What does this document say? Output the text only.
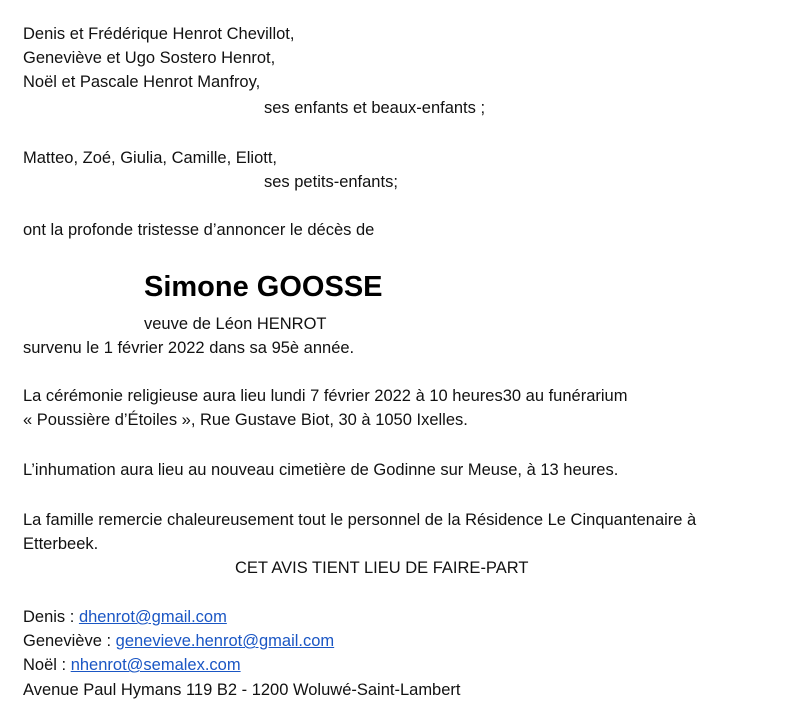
Denis et Frédérique Henrot Chevillot,
Geneviève et Ugo Sostero Henrot,
Noël et Pascale Henrot Manfroy,
ses enfants et beaux-enfants ;
Matteo, Zoé, Giulia, Camille, Eliott,
ses petits-enfants;
ont la profonde tristesse d’annoncer le décès de
Simone GOOSSE
veuve de Léon HENROT
survenu le 1 février 2022 dans sa 95è année.
La cérémonie religieuse aura lieu lundi 7 février 2022 à 10 heures30 au funérarium
« Poussière d’Étoiles », Rue Gustave Biot, 30 à 1050 Ixelles.
L’inhumation aura lieu au nouveau cimetière de Godinne sur Meuse, à 13 heures.
La famille remercie chaleureusement tout le personnel de la Résidence Le Cinquantenaire à
Etterbeek.
CET AVIS TIENT LIEU DE FAIRE-PART
Denis : dhenrot@gmail.com
Geneviève : genevieve.henrot@gmail.com
Noël : nhenrot@semalex.com
Avenue Paul Hymans 119 B2 - 1200 Woluwé-Saint-Lambert
